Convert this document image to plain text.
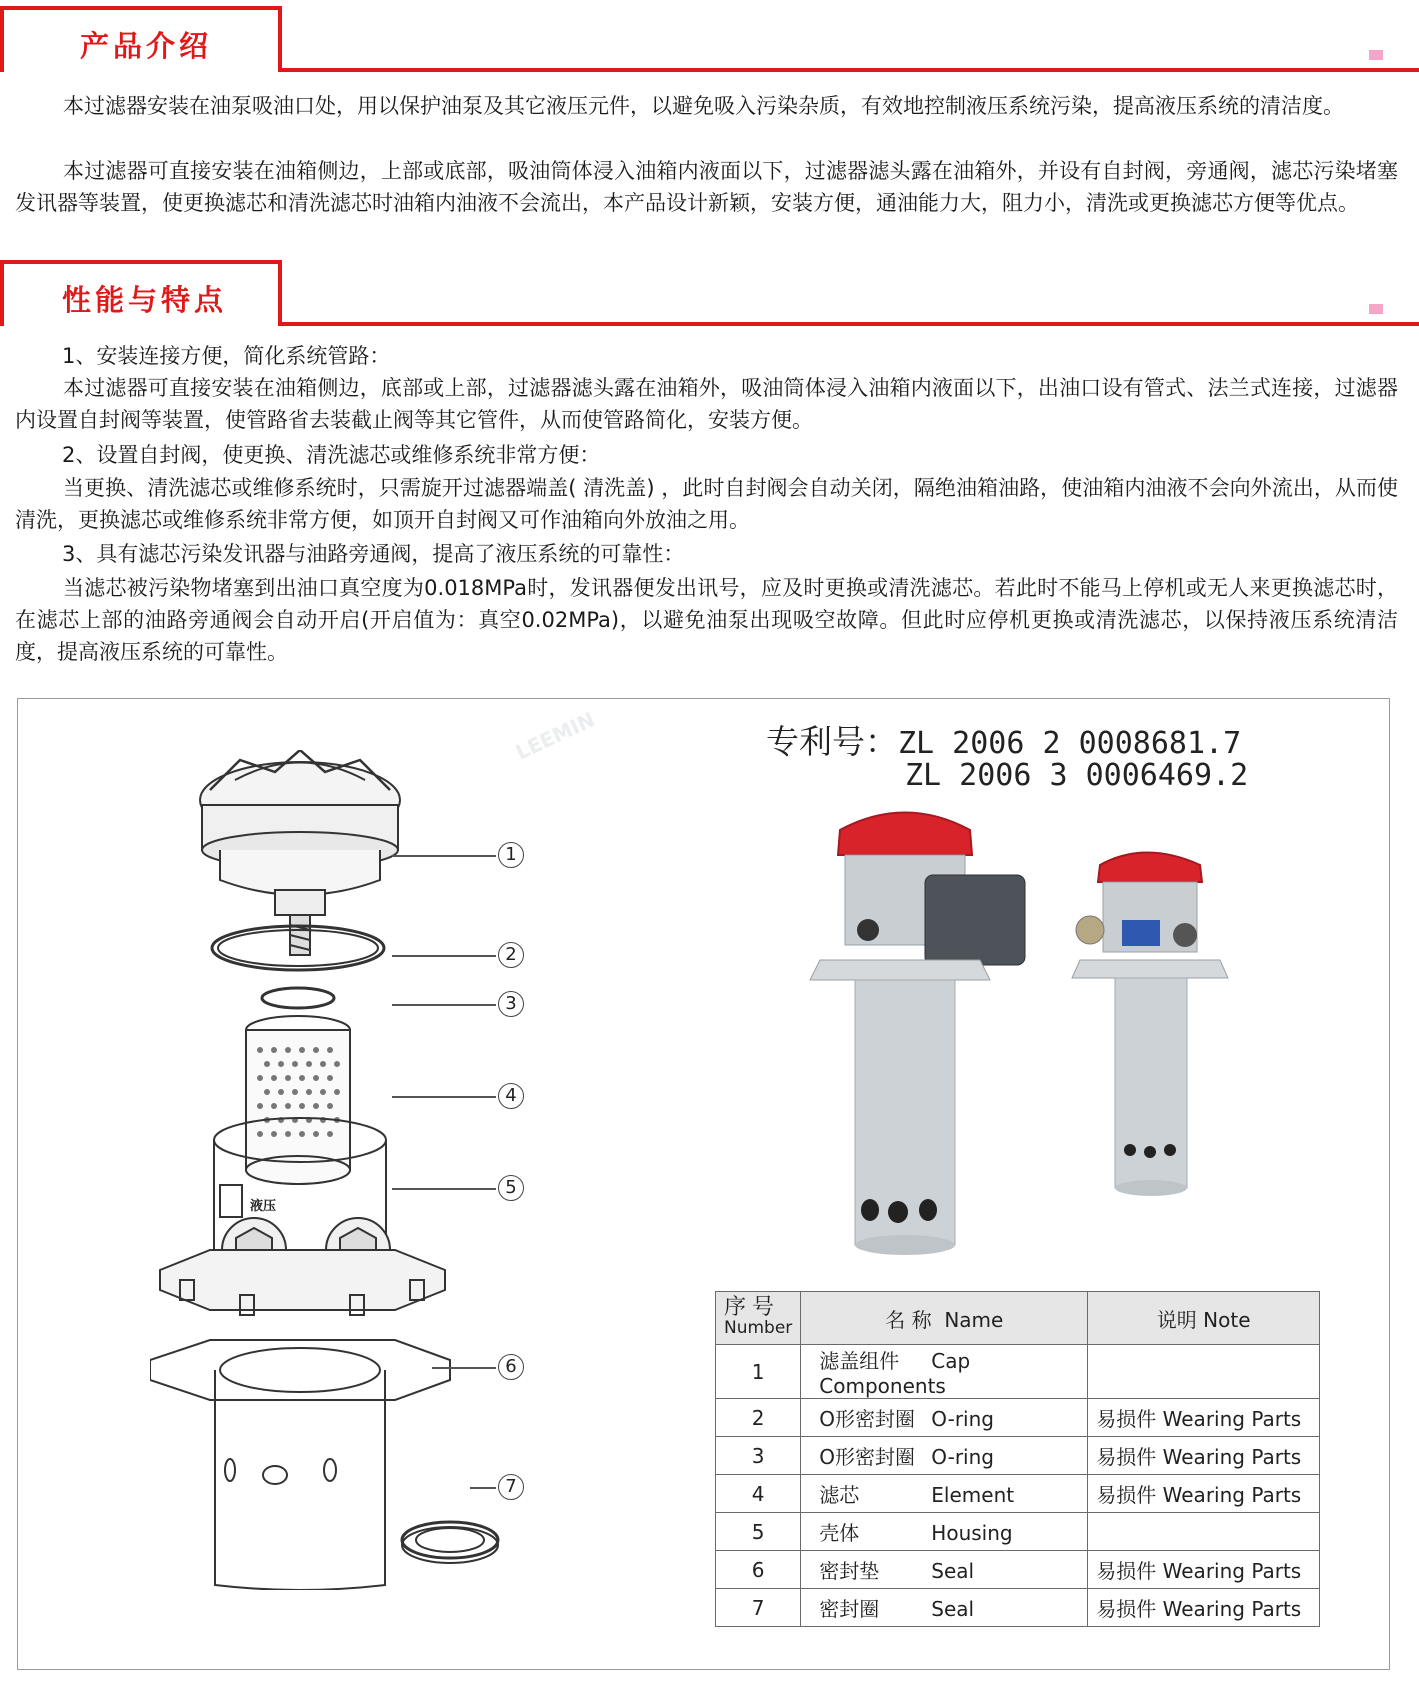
产品介绍
本过滤器安装在油泵吸油口处，用以保护油泵及其它液压元件，以避免吸入污染杂质，有效地控制液压系统污染，提高液压系统的清洁度。
本过滤器可直接安装在油箱侧边，上部或底部，吸油筒体浸入油箱内液面以下，过滤器滤头露在油箱外，并设有自封阀，旁通阀，滤芯污染堵塞发讯器等装置，使更换滤芯和清洗滤芯时油箱内油液不会流出，本产品设计新颖，安装方便，通油能力大，阻力小，清洗或更换滤芯方便等优点。
性能与特点
1、安装连接方便，简化系统管路：
本过滤器可直接安装在油箱侧边，底部或上部，过滤器滤头露在油箱外，吸油筒体浸入油箱内液面以下，出油口设有管式、法兰式连接，过滤器内设置自封阀等装置，使管路省去装截止阀等其它管件，从而使管路简化，安装方便。
2、设置自封阀，使更换、清洗滤芯或维修系统非常方便：
当更换、清洗滤芯或维修系统时，只需旋开过滤器端盖( 清洗盖) ，此时自封阀会自动关闭，隔绝油箱油路，使油箱内油液不会向外流出，从而使清洗，更换滤芯或维修系统非常方便，如顶开自封阀又可作油箱向外放油之用。
3、具有滤芯污染发讯器与油路旁通阀，提高了液压系统的可靠性：
当滤芯被污染物堵塞到出油口真空度为0.018MPa时，发讯器便发出讯号，应及时更换或清洗滤芯。若此时不能马上停机或无人来更换滤芯时，在滤芯上部的油路旁通阀会自动开启(开启值为：真空0.02MPa)，以避免油泵出现吸空故障。但此时应停机更换或清洗滤芯，以保持液压系统清洁度，提高液压系统的可靠性。
专利号：ZL 2006 2 0008681.7
ZL 2006 3 0006469.2
液压
1
2
3
4
5
6
7
LEEMIN
序号
Number	名 称 Name	说明 Note
1	滤盖组件 Cap Components	
2	O形密封圈 O-ring	易损件 Wearing Parts
3	O形密封圈 O-ring	易损件 Wearing Parts
4	滤芯 Element	易损件 Wearing Parts
5	壳体 Housing	
6	密封垫 Seal	易损件 Wearing Parts
7	密封圈 Seal	易损件 Wearing Parts
